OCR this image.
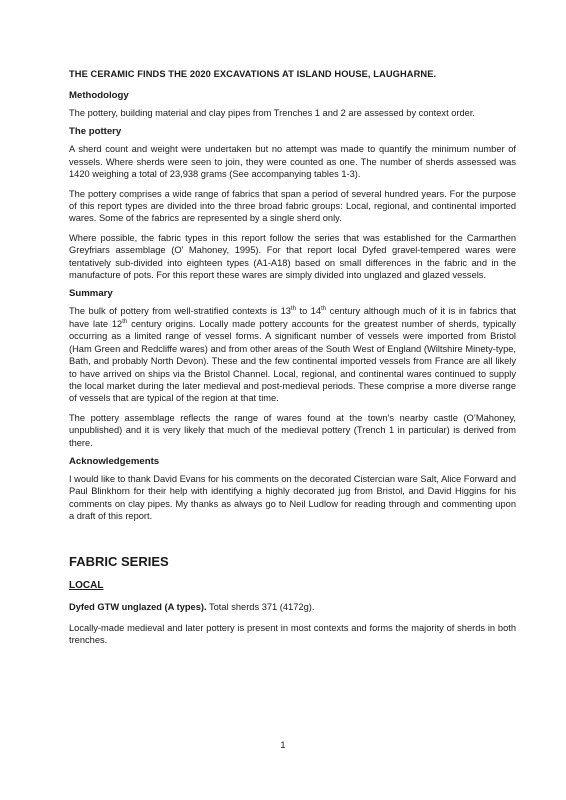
THE CERAMIC FINDS THE 2020 EXCAVATIONS AT ISLAND HOUSE, LAUGHARNE.
Methodology

The pottery, building material and clay pipes from Trenches 1 and 2 are assessed by context order.

The pottery

A sherd count and weight were undertaken but no attempt was made to quantify the minimum number of vessels. Where sherds were seen to join, they were counted as one. The number of sherds assessed was 1420 weighing a total of 23,938 grams (See accompanying tables 1-3).

The pottery comprises a wide range of fabrics that span a period of several hundred years. For the purpose of this report types are divided into the three broad fabric groups: Local, regional, and continental imported wares. Some of the fabrics are represented by a single sherd only.

Where possible, the fabric types in this report follow the series that was established for the Carmarthen Greyfriars assemblage (O’ Mahoney, 1995). For that report local Dyfed gravel-tempered wares were tentatively sub-divided into eighteen types (A1-A18) based on small differences in the fabric and in the manufacture of pots. For this report these wares are simply divided into unglazed and glazed vessels.

Summary

The bulk of pottery from well-stratified contexts is 13th to 14th century although much of it is in fabrics that have late 12th century origins. Locally made pottery accounts for the greatest number of sherds, typically occurring as a limited range of vessel forms. A significant number of vessels were imported from Bristol (Ham Green and Redcliffe wares) and from other areas of the South West of England (Wiltshire Minety-type, Bath, and probably North Devon). These and the few continental imported vessels from France are all likely to have arrived on ships via the Bristol Channel. Local, regional, and continental wares continued to supply the local market during the later medieval and post-medieval periods. These comprise a more diverse range of vessels that are typical of the region at that time.

The pottery assemblage reflects the range of wares found at the town’s nearby castle (O’Mahoney, unpublished) and it is very likely that much of the medieval pottery (Trench 1 in particular) is derived from there.

Acknowledgements

I would like to thank David Evans for his comments on the decorated Cistercian ware Salt, Alice Forward and Paul Blinkhorn for their help with identifying a highly decorated jug from Bristol, and David Higgins for his comments on clay pipes. My thanks as always go to Neil Ludlow for reading through and commenting upon a draft of this report.

FABRIC SERIES
LOCAL
Dyfed GTW unglazed (A types). Total sherds 371 (4172g).

Locally-made medieval and later pottery is present in most contexts and forms the majority of sherds in both trenches.

1
